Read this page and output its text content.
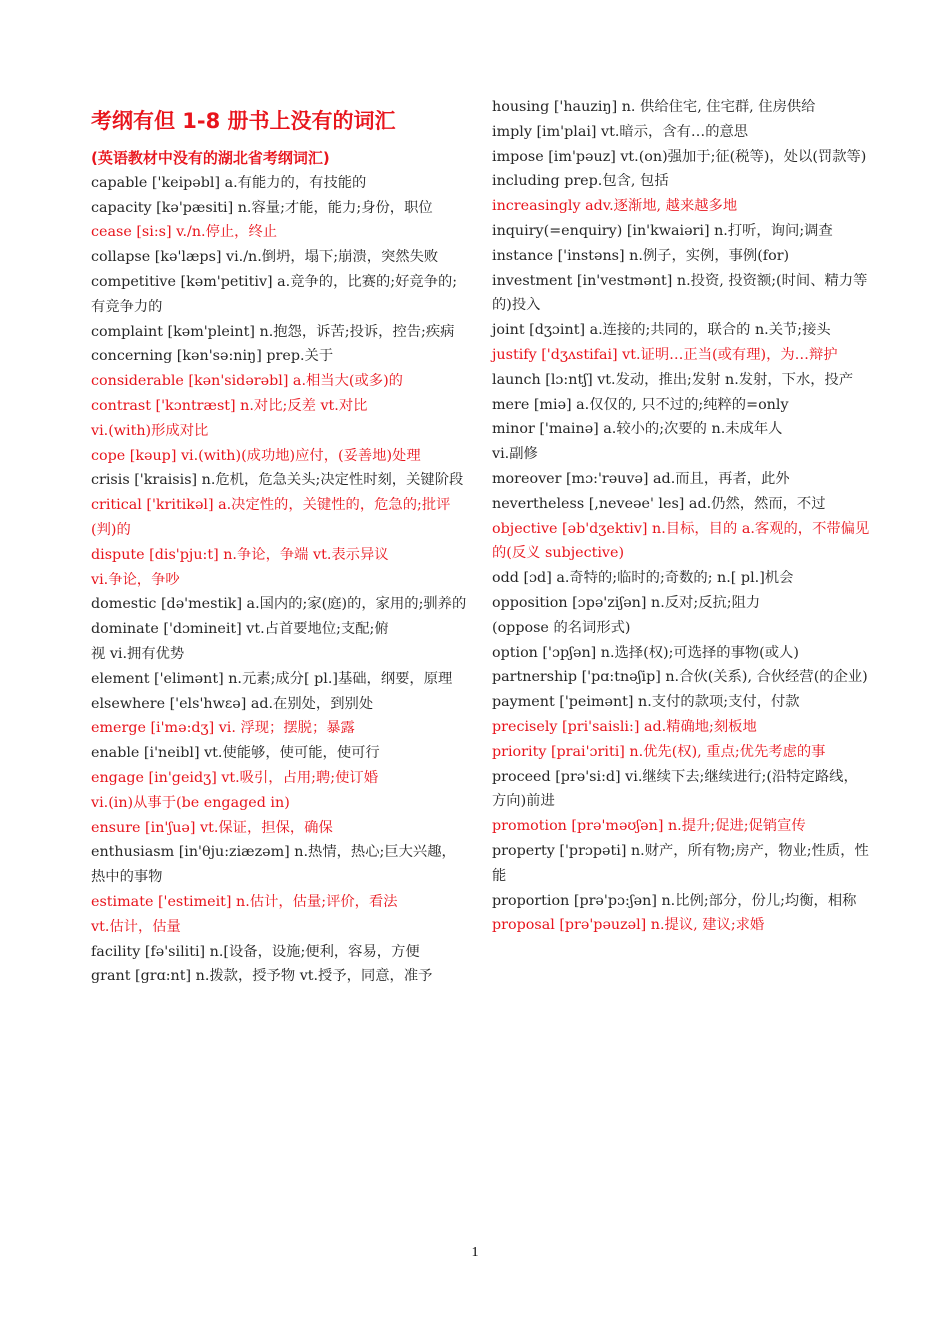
考纲有但 1-8 册书上没有的词汇
(英语教材中没有的湖北省考纲词汇)
capable ['keipəbl] a.有能力的，有技能的
capacity [kə'pæsiti] n.容量;才能，能力;身份，职位
cease [si:s] v./n.停止，终止
collapse [kə'læps] vi./n.倒坍，塌下;崩溃，突然失败
competitive [kəm'petitiv] a.竞争的，比赛的;好竞争的;有竞争力的
complaint [kəm'pleint] n.抱怨，诉苦;投诉，控告;疾病
concerning [kən'sə:niŋ] prep.关于
considerable [kən'sidərəbl] a.相当大(或多)的
contrast ['kɔntræst] n.对比;反差 vt.对比
vi.(with)形成对比
cope [kəup] vi.(with)(成功地)应付，(妥善地)处理
crisis ['kraisis] n.危机，危急关头;决定性时刻，关键阶段
critical ['kritikəl] a.决定性的，关键性的，危急的;批评(判)的
dispute [dis'pju:t] n.争论，争端 vt.表示异议
vi.争论，争吵
domestic [də'mestik] a.国内的;家(庭)的，家用的;驯养的
dominate ['dɔmineit] vt.占首要地位;支配;俯
视 vi.拥有优势
element ['elimənt] n.元素;成分[ pl.]基础，纲要，原理
elsewhere ['els'hwɛə] ad.在别处，到别处
emerge [i'mə:dʒ] vi. 浮现；摆脱；暴露
enable [i'neibl] vt.使能够，使可能，使可行
engage [in'geidʒ] vt.吸引，占用;聘;使订婚
vi.(in)从事于(be engaged in)
ensure [in'ʃuə] vt.保证，担保，确保
enthusiasm [in'θju:ziæzəm] n.热情，热心;巨大兴趣，热中的事物
estimate ['estimeit] n.估计，估量;评价，看法
vt.估计，估量
facility [fə'siliti] n.[设备，设施;便利，容易，方便
grant [grɑ:nt] n.拨款，授予物 vt.授予，同意，准予
housing ['hauziŋ] n. 供给住宅, 住宅群, 住房供给
imply [im'plai] vt.暗示，含有…的意思
impose [im'pəuz] vt.(on)强加于;征(税等)，处以(罚款等)
including prep.包含, 包括
increasingly adv.逐渐地, 越来越多地
inquiry(=enquiry) [in'kwaiəri] n.打听，询问;调查
instance ['instəns] n.例子，实例，事例(for)
investment [in'vestmənt] n.投资, 投资额;(时间、精力等的)投入
joint [dʒɔint] a.连接的;共同的，联合的 n.关节;接头
justify ['dʒʌstifai] vt.证明…正当(或有理)，为…辩护
launch [lɔ:ntʃ] vt.发动，推出;发射 n.发射，下水，投产
mere [miə] a.仅仅的, 只不过的;纯粹的=only
minor ['mainə] a.较小的;次要的 n.未成年人
vi.副修
moreover [mɔ:'rəuvə] ad.而且，再者，此外
nevertheless [,neveəe' les] ad.仍然，然而，不过
objective [əb'dʒektiv] n.目标，目的 a.客观的，不带偏见的(反义 subjective)
odd [ɔd] a.奇特的;临时的;奇数的; n.[ pl.]机会
opposition [ɔpə'ziʃən] n.反对;反抗;阻力
(oppose 的名词形式)
option ['ɔpʃən] n.选择(权);可选择的事物(或人)
partnership ['pɑ:tnəʃip] n.合伙(关系), 合伙经营(的企业)
payment ['peimənt] n.支付的款项;支付，付款
precisely [pri'saisli:] ad.精确地;刻板地
priority [prai'ɔriti] n.优先(权), 重点;优先考虑的事
proceed [prə'si:d] vi.继续下去;继续进行;(沿特定路线，方向)前进
promotion [prə'məʊʃən] n.提升;促进;促销宣传
property ['prɔpəti] n.财产，所有物;房产，物业;性质，性能
proportion [prə'pɔ:ʃən] n.比例;部分，份儿;均衡，相称
proposal [prə'pəuzəl] n.提议, 建议;求婚
1
